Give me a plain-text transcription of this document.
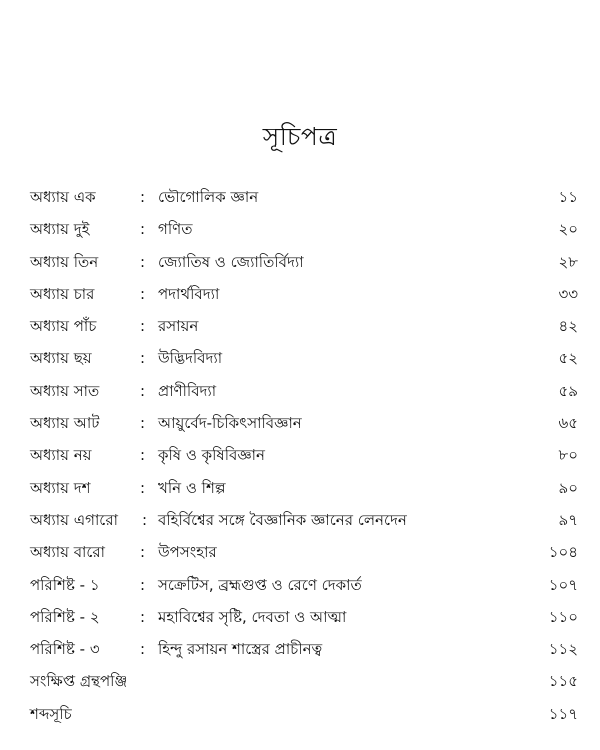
সূচিপত্র
অধ্যায় এক	: ভৌগোলিক জ্ঞান	১১
অধ্যায় দুই	: গণিত	২০
অধ্যায় তিন	: জ্যোতিষ ও জ্যোতির্বিদ্যা	২৮
অধ্যায় চার	: পদার্থবিদ্যা	৩৩
অধ্যায় পাঁচ	: রসায়ন	৪২
অধ্যায় ছয়	: উদ্ভিদবিদ্যা	৫২
অধ্যায় সাত	: প্রাণীবিদ্যা	৫৯
অধ্যায় আট	: আয়ুর্বেদ-চিকিৎসাবিজ্ঞান	৬৫
অধ্যায় নয়	: কৃষি ও কৃষিবিজ্ঞান	৮০
অধ্যায় দশ	: খনি ও শিল্প	৯০
অধ্যায় এগারো : বহির্বিশ্বের সঙ্গে বৈজ্ঞানিক জ্ঞানের লেনদেন	৯৭
অধ্যায় বারো : উপসংহার	১০৪
পরিশিষ্ট - ১	: সক্রেটিস, ব্রহ্মগুপ্ত ও রেণে দেকার্ত	১০৭
পরিশিষ্ট - ২	: মহাবিশ্বের সৃষ্টি, দেবতা ও আত্মা	১১০
পরিশিষ্ট - ৩	: হিন্দু রসায়ন শাস্ত্রের প্রাচীনত্ব	১১২
সংক্ষিপ্ত গ্রন্থপঞ্জি	১১৫
শব্দসূচি	১১৭
